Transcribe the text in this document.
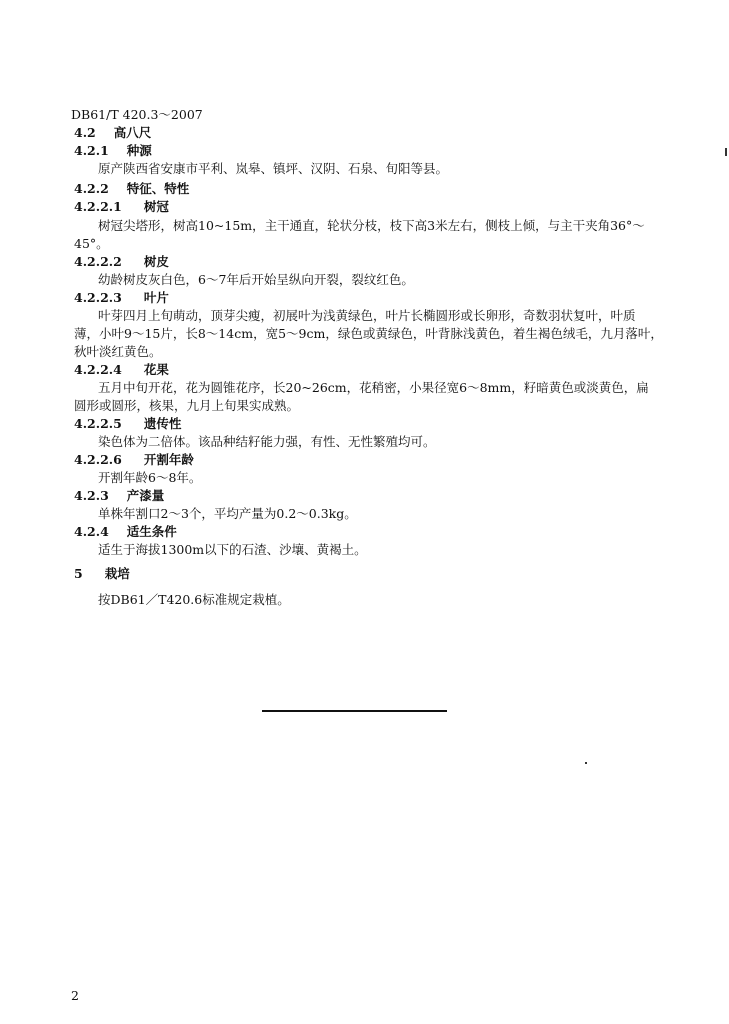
DB61/T 420.3～2007
4.2 高八尺
4.2.1 种源
原产陕西省安康市平利、岚皋、镇坪、汉阴、石泉、旬阳等县。
4.2.2 特征、特性
4.2.2.1 树冠
树冠尖塔形，树高10~15m，主干通直，轮状分枝，枝下高3米左右，侧枝上倾，与主干夹角36°～
45°。
4.2.2.2 树皮
幼龄树皮灰白色，6～7年后开始呈纵向开裂，裂纹红色。
4.2.2.3 叶片
叶芽四月上旬萌动，顶芽尖瘦，初展叶为浅黄绿色，叶片长椭圆形或长卵形，奇数羽状复叶，叶质
薄，小叶9～15片，长8～14cm，宽5～9cm，绿色或黄绿色，叶背脉浅黄色，着生褐色绒毛，九月落叶，
秋叶淡红黄色。
4.2.2.4 花果
五月中旬开花，花为圆锥花序，长20~26cm，花稍密，小果径宽6～8mm，籽暗黄色或淡黄色，扁
圆形或圆形，核果，九月上旬果实成熟。
4.2.2.5 遗传性
染色体为二倍体。该品种结籽能力强，有性、无性繁殖均可。
4.2.2.6 开割年龄
开割年龄6～8年。
4.2.3 产漆量
单株年割口2～3个，平均产量为0.2～0.3kg。
4.2.4 适生条件
适生于海拔1300m以下的石渣、沙壤、黄褐土。
5 栽培
按DB61／T420.6标准规定栽植。
2
